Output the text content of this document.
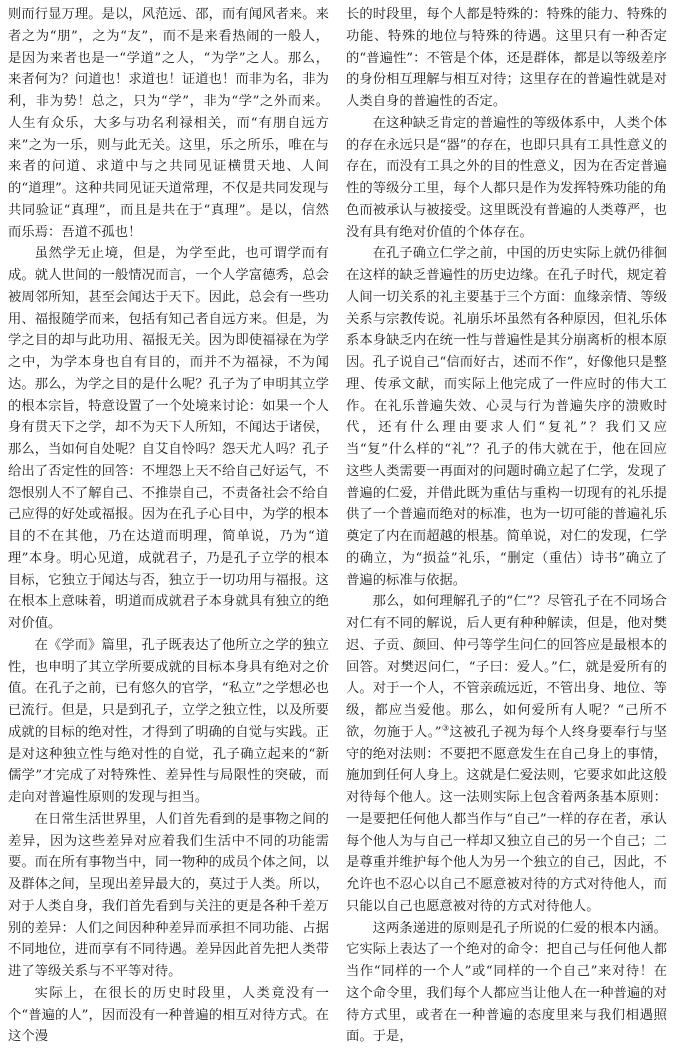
则而行显万理。是以，风范远、邵，而有闻风者来。来者之为“朋”，之为“友”，而不是来看热闹的一般人，是因为来者也是一“学道”之人，“为学”之人。那么，来者何为？问道也！求道也！证道也！而非为名，非为利，非为势！总之，只为“学”，非为“学”之外而来。人生有众乐，大多与功名利禄相关，而“有朋自远方来”之为一乐，则与此无关。这里，乐之所乐，唯在与来者的问道、求道中与之共同见证横贯天地、人间的“道理”。这种共同见证天道常理，不仅是共同发现与共同验证“真理”，而且是共在于“真理”。是以，信然而乐焉：吾道不孤也！

虽然学无止境，但是，为学至此，也可谓学而有成。就人世间的一般情况而言，一个人学富德秀，总会被周邻所知，甚至会闻达于天下。因此，总会有一些功用、福报随学而来，包括有知己者自远方来。但是，为学之目的却与此功用、福报无关。因为即使福禄在为学之中，为学本身也自有目的，而并不为福禄，不为闻达。那么，为学之目的是什么呢？孔子为了申明其立学的根本宗旨，特意设置了一个处境来讨论：如果一个人身有贯天下之学，却不为天下人所知，不闻达于诸侯，那么，当如何自处呢？自艾自怜吗？怨天尤人吗？孔子给出了否定性的回答：不埋怨上天不给自己好运气，不怨恨别人不了解自己、不推崇自己，不责备社会不给自己应得的好处或福报。因为在孔子心目中，为学的根本目的不在其他，乃在达道而明理，简单说，乃为“道理”本身。明心见道，成就君子，乃是孔子立学的根本目标，它独立于闻达与否，独立于一切功用与福报。这在根本上意味着，明道而成就君子本身就具有独立的绝对价值。

在《学而》篇里，孔子既表达了他所立之学的独立性，也申明了其立学所要成就的目标本身具有绝对之价值。在孔子之前，已有悠久的官学，“私立”之学想必也已流行。但是，只是到孔子，立学之独立性，以及所要成就的目标的绝对性，才得到了明确的自觉与实践。正是对这种独立性与绝对性的自觉，孔子确立起来的“新儒学”才完成了对特殊性、差异性与局限性的突破，而走向对普遍性原则的发现与担当。

在日常生活世界里，人们首先看到的是事物之间的差异，因为这些差异对应着我们生活中不同的功能需要。而在所有事物当中，同一物种的成员个体之间，以及群体之间，呈现出差异最大的，莫过于人类。所以，对于人类自身，我们首先看到与关注的更是各种千差万别的差异：人们之间因种种差异而承担不同功能、占据不同地位，进而享有不同待遇。差异因此首先把人类带进了等级关系与不平等对待。

实际上，在很长的历史时段里，人类竟没有一个“普遍的人”，因而没有一种普遍的相互对待方式。在这个漫

长的时段里，每个人都是特殊的：特殊的能力、特殊的功能、特殊的地位与特殊的待遇。这里只有一种否定的“普遍性”：不管是个体，还是群体，都是以等级差序的身份相互理解与相互对待；这里存在的普遍性就是对人类自身的普遍性的否定。

在这种缺乏肯定的普遍性的等级体系中，人类个体的存在永远只是“器”的存在，也即只具有工具性意义的存在，而没有工具之外的目的性意义，因为在否定普遍性的等级分工里，每个人都只是作为发挥特殊功能的角色而被承认与被接受。这里既没有普遍的人类尊严，也没有具有绝对价值的个体存在。

在孔子确立仁学之前，中国的历史实际上就仍徘徊在这样的缺乏普遍性的历史边缘。在孔子时代，规定着人间一切关系的礼主要基于三个方面：血缘亲情、等级关系与宗教传说。礼崩乐坏虽然有各种原因，但礼乐体系本身缺乏内在统一性与普遍性是其分崩离析的根本原因。孔子说自己“信而好古，述而不作”，好像他只是整理、传承文献，而实际上他完成了一件应时的伟大工作。在礼乐普遍失效、心灵与行为普遍失序的溃败时代，还有什么理由要求人们“复礼”？我们又应当“复”什么样的“礼”？孔子的伟大就在于，他在回应这些人类需要一再面对的问题时确立起了仁学，发现了普遍的仁爱，并借此既为重估与重构一切现有的礼乐提供了一个普遍而绝对的标准，也为一切可能的普遍礼乐奠定了内在而超越的根基。简单说，对仁的发现，仁学的确立，为“损益”礼乐，“删定（重估）诗书”确立了普遍的标准与依据。

那么，如何理解孔子的“仁”？尽管孔子在不同场合对仁有不同的解说，后人更有种种解读，但是，他对樊迟、子贡、颜回、仲弓等学生问仁的回答应是最根本的回答。对樊迟问仁，“子曰：爱人。”仁，就是爱所有的人。对于一个人，不管亲疏远近，不管出身、地位、等级，都应当爱他。那么，如何爱所有人呢？“己所不欲，勿施于人。”③这被孔子视为每个人终身要奉行与坚守的绝对法则：不要把不愿意发生在自己身上的事情，施加到任何人身上。这就是仁爱法则，它要求如此这般对待每个他人。这一法则实际上包含着两条基本原则：一是要把任何他人都当作与“自己”一样的存在者，承认每个他人为与自己一样却又独立自己的另一个自己；二是尊重并维护每个他人为另一个独立的自己，因此，不允许也不忍心以自己不愿意被对待的方式对待他人，而只能以自己也愿意被对待的方式对待他人。

这两条递进的原则是孔子所说的仁爱的根本内涵。它实际上表达了一个绝对的命令：把自己与任何他人都当作“同样的一个人”或“同样的一个自己”来对待！在这个命令里，我们每个人都应当让他人在一种普遍的对待方式里，或者在一种普遍的态度里来与我们相遇照面。于是，
